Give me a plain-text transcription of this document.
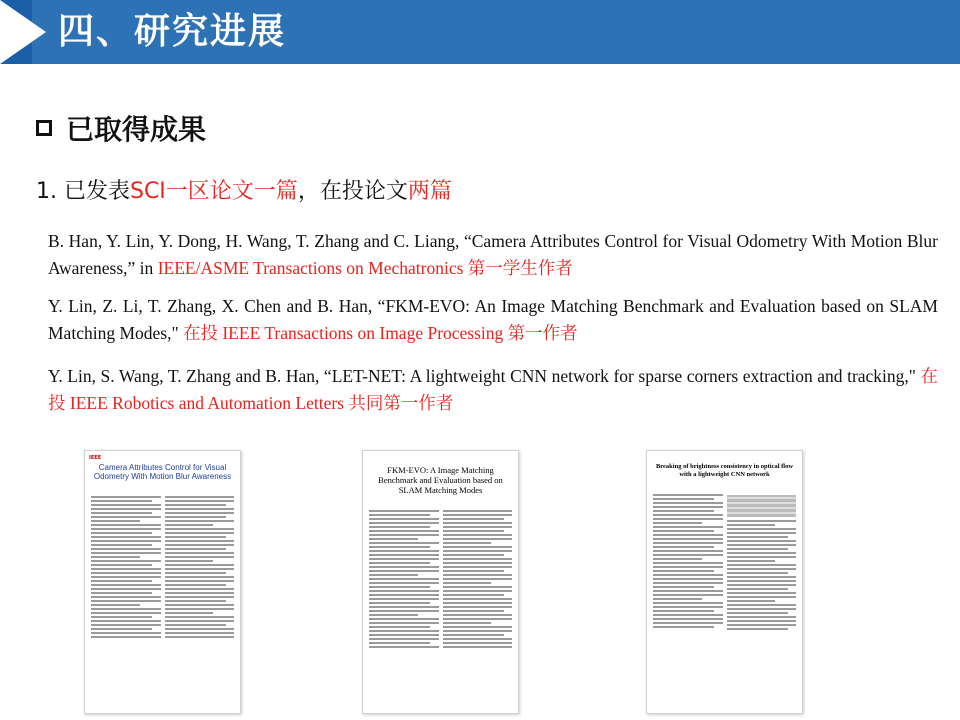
四、研究进展
已取得成果
1. 已发表SCI一区论文一篇，在投论文两篇
B. Han, Y. Lin, Y. Dong, H. Wang, T. Zhang and C. Liang, “Camera Attributes Control for Visual Odometry With Motion Blur Awareness,” in IEEE/ASME Transactions on Mechatronics 第一学生作者
Y. Lin, Z. Li, T. Zhang, X. Chen and B. Han, “FKM-EVO: An Image Matching Benchmark and Evaluation based on SLAM Matching Modes," 在投 IEEE Transactions on Image Processing 第一作者
Y. Lin, S. Wang, T. Zhang and B. Han, “LET-NET: A lightweight CNN network for sparse corners extraction and tracking," 在投 IEEE Robotics and Automation Letters 共同第一作者
IEEE
Camera Attributes Control for Visual Odometry With Motion Blur Awareness

FKM-EVO: A Image Matching Benchmark and Evaluation based on SLAM Matching Modes

Breaking of brightness consistency in optical flow with a lightweight CNN network
